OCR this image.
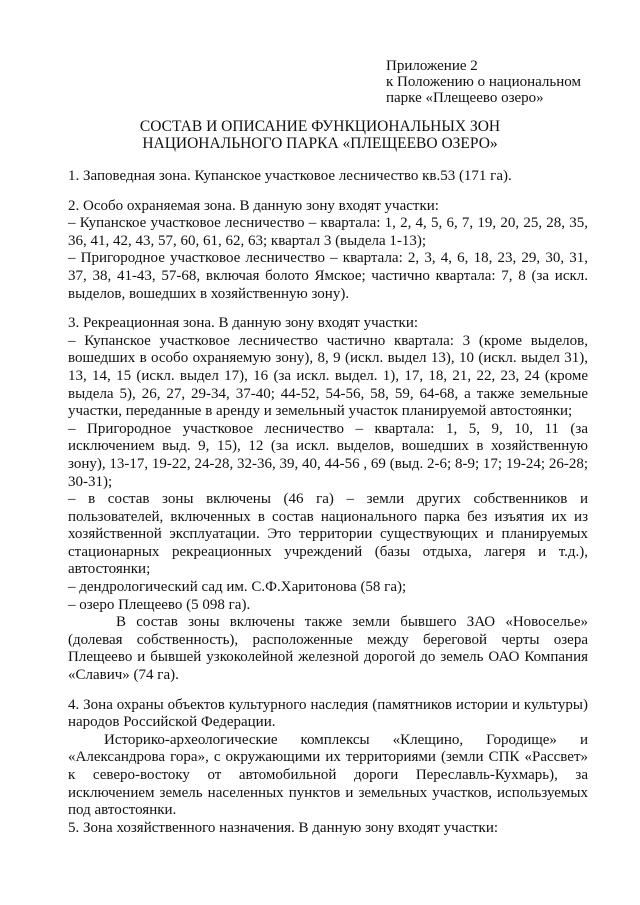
Приложение 2
к Положению о национальном
парке «Плещеево озеро»
СОСТАВ И ОПИСАНИЕ ФУНКЦИОНАЛЬНЫХ ЗОН
НАЦИОНАЛЬНОГО ПАРКА «ПЛЕЩЕЕВО ОЗЕРО»

1. Заповедная зона. Купанское участковое лесничество кв.53 (171 га).

2. Особо охраняемая зона. В данную зону входят участки:

– Купанское участковое лесничество – квартала: 1, 2, 4, 5, 6, 7, 19, 20, 25, 28, 35, 36, 41, 42, 43, 57, 60, 61, 62, 63; квартал 3 (выдела 1-13);

– Пригородное участковое лесничество – квартала: 2, 3, 4, 6, 18, 23, 29, 30, 31, 37, 38, 41-43, 57-68, включая болото Ямское; частично квартала: 7, 8 (за искл. выделов, вошедших в хозяйственную зону).

3. Рекреационная зона. В данную зону входят участки:

– Купанское участковое лесничество частично квартала: 3 (кроме выделов, вошедших в особо охраняемую зону), 8, 9 (искл. выдел 13), 10 (искл. выдел 31), 13, 14, 15 (искл. выдел 17), 16 (за искл. выдел. 1), 17, 18, 21, 22, 23, 24 (кроме выдела 5), 26, 27, 29-34, 37-40; 44-52, 54-56, 58, 59, 64-68, а также земельные участки, переданные в аренду и земельный участок планируемой автостоянки;

– Пригородное участковое лесничество – квартала: 1, 5, 9, 10, 11 (за исключением выд. 9, 15), 12 (за искл. выделов, вошедших в хозяйственную зону), 13-17, 19-22, 24-28, 32-36, 39, 40, 44-56 , 69 (выд. 2-6; 8-9; 17; 19-24; 26-28; 30-31);

– в состав зоны включены (46 га) – земли других собственников и пользователей, включенных в состав национального парка без изъятия их из хозяйственной эксплуатации. Это территории существующих и планируемых стационарных рекреационных учреждений (базы отдыха, лагеря и т.д.), автостоянки;

– дендрологический сад им. С.Ф.Харитонова (58 га);

– озеро Плещеево (5 098 га).

В состав зоны включены также земли бывшего ЗАО «Новоселье» (долевая собственность), расположенные между береговой черты озера Плещеево и бывшей узкоколейной железной дорогой до земель ОАО Компания «Славич» (74 га).

4. Зона охраны объектов культурного наследия (памятников истории и культуры) народов Российской Федерации.

Историко-археологические комплексы «Клещино, Городище» и «Александрова гора», с окружающими их территориями (земли СПК «Рассвет» к северо-востоку от автомобильной дороги Переславль-Кухмарь), за исключением земель населенных пунктов и земельных участков, используемых под автостоянки.

5. Зона хозяйственного назначения. В данную зону входят участки:
